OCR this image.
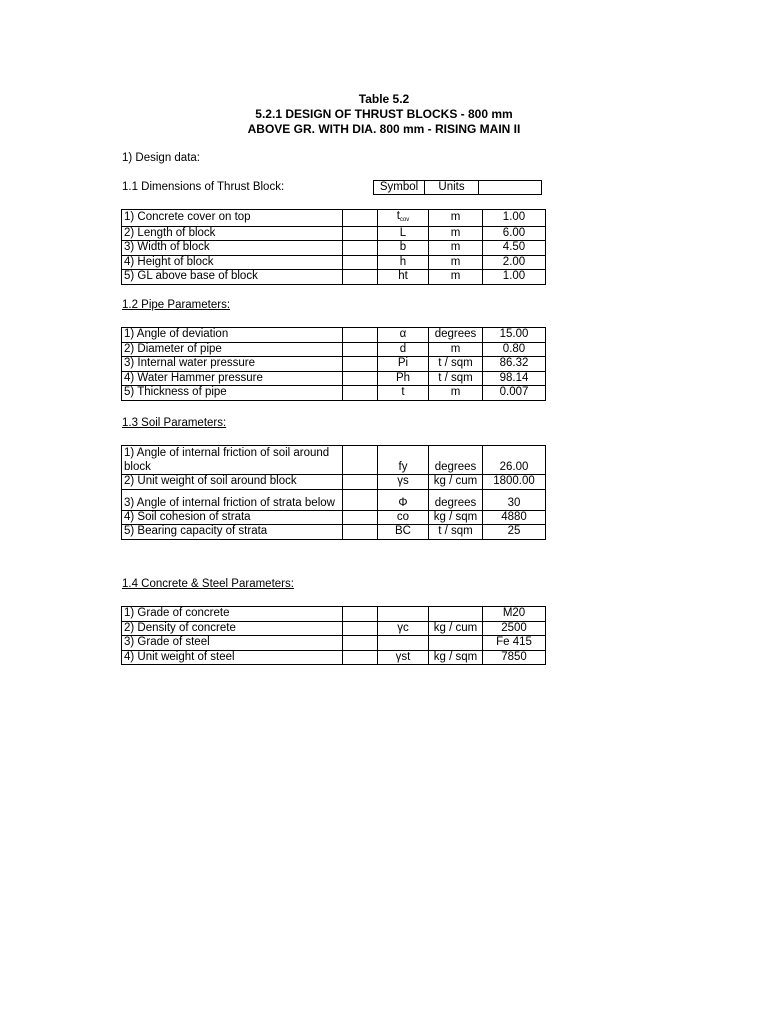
Table 5.2
5.2.1 DESIGN OF THRUST BLOCKS - 800 mm
ABOVE GR. WITH DIA. 800 mm - RISING MAIN II
1) Design data:
1.1 Dimensions of Thrust Block:	Symbol	Units	
1) Concrete cover on top		$t_{cov}$	m	1.00
2) Length of block		L	m	6.00
3) Width of block		b	m	4.50
4) Height of block		h	m	2.00
5) GL above base of block		ht	m	1.00
1.2 Pipe Parameters:
1) Angle of deviation		α	degrees	15.00
2) Diameter of pipe		d	m	0.80
3) Internal water pressure		Pi	t / sqm	86.32
4) Water Hammer pressure		Ph	t / sqm	98.14
5) Thickness of pipe		t	m	0.007
1.3 Soil Parameters:
1) Angle of internal friction of soil around block		fy	degrees	26.00
2) Unit weight of soil around block		γs	kg / cum	1800.00
3) Angle of internal friction of strata below		Φ	degrees	30
4) Soil cohesion of strata		co	kg / sqm	4880
5) Bearing capacity of strata		BC	t / sqm	25
1.4 Concrete & Steel Parameters:
1) Grade of concrete				M20
2) Density of concrete		γc	kg / cum	2500
3) Grade of steel				Fe 415
4) Unit weight of steel		γst	kg / sqm	7850
